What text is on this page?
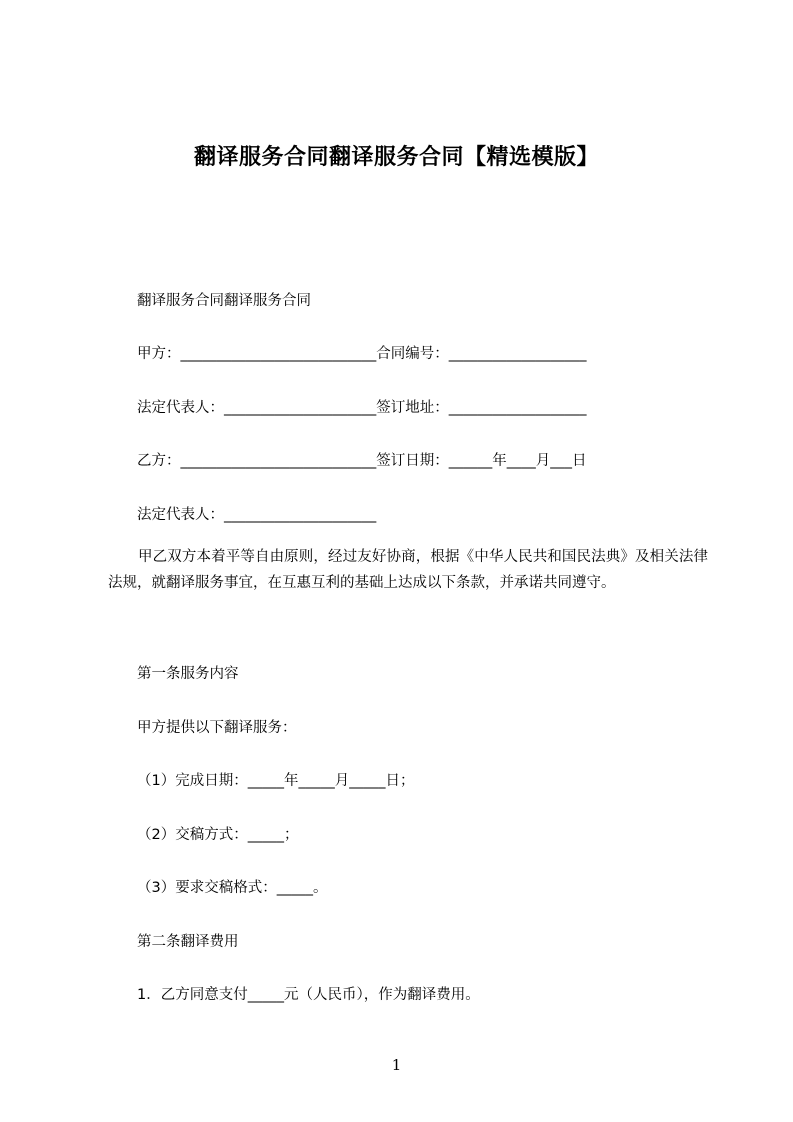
翻译服务合同翻译服务合同【精选模版】

翻译服务合同翻译服务合同

甲方：___________________________合同编号：___________________

法定代表人：_____________________签订地址：___________________

乙方：___________________________签订日期：______年____月___日

法定代表人：_____________________

甲乙双方本着平等自由原则，经过友好协商，根据《中华人民共和国民法典》及相关法律法规，就翻译服务事宜，在互惠互利的基础上达成以下条款，并承诺共同遵守。

第一条服务内容

甲方提供以下翻译服务：

（1）完成日期：_____年_____月_____日；

（2）交稿方式：_____；

（3）要求交稿格式：_____。

第二条翻译费用

1．乙方同意支付_____元（人民币），作为翻译费用。

1
